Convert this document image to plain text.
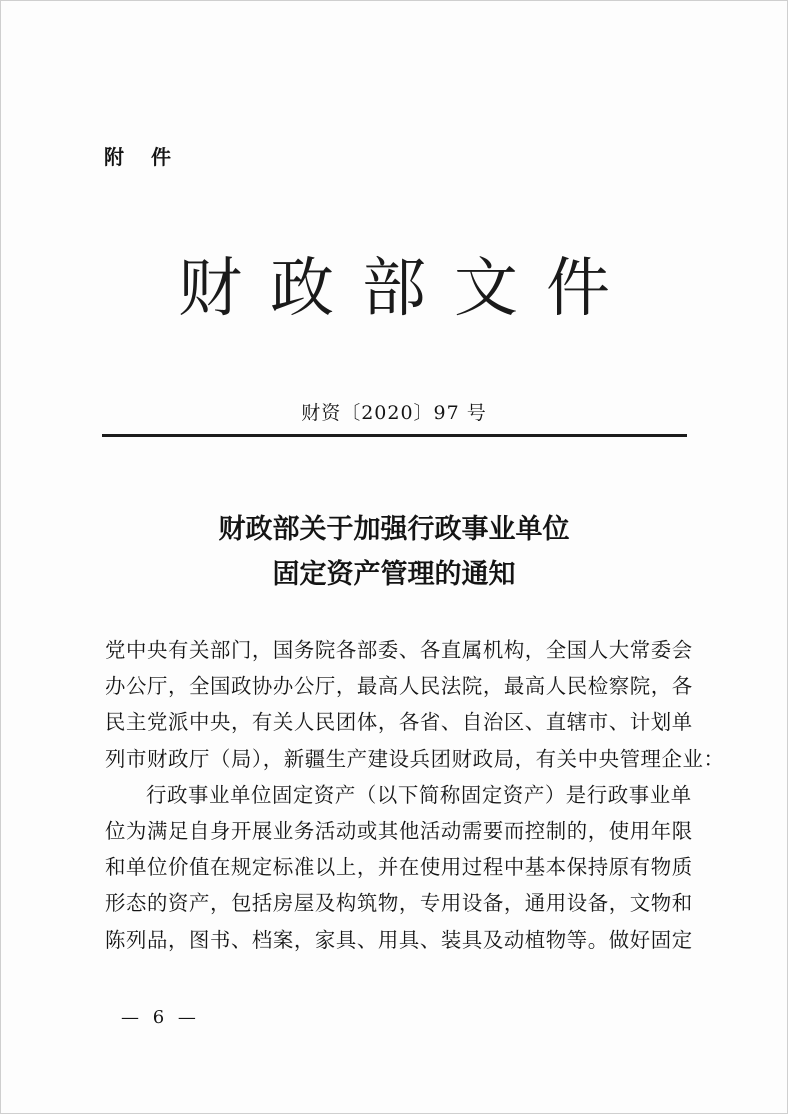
附 件
财政部文件
财资〔2020〕97 号
财政部关于加强行政事业单位
固定资产管理的通知
党中央有关部门，国务院各部委、各直属机构，全国人大常委会
办公厅，全国政协办公厅，最高人民法院，最高人民检察院，各
民主党派中央，有关人民团体，各省、自治区、直辖市、计划单
列市财政厅（局），新疆生产建设兵团财政局，有关中央管理企业：
行政事业单位固定资产（以下简称固定资产）是行政事业单
位为满足自身开展业务活动或其他活动需要而控制的，使用年限
和单位价值在规定标准以上，并在使用过程中基本保持原有物质
形态的资产，包括房屋及构筑物，专用设备，通用设备，文物和
陈列品，图书、档案，家具、用具、装具及动植物等。做好固定
— 6 —
